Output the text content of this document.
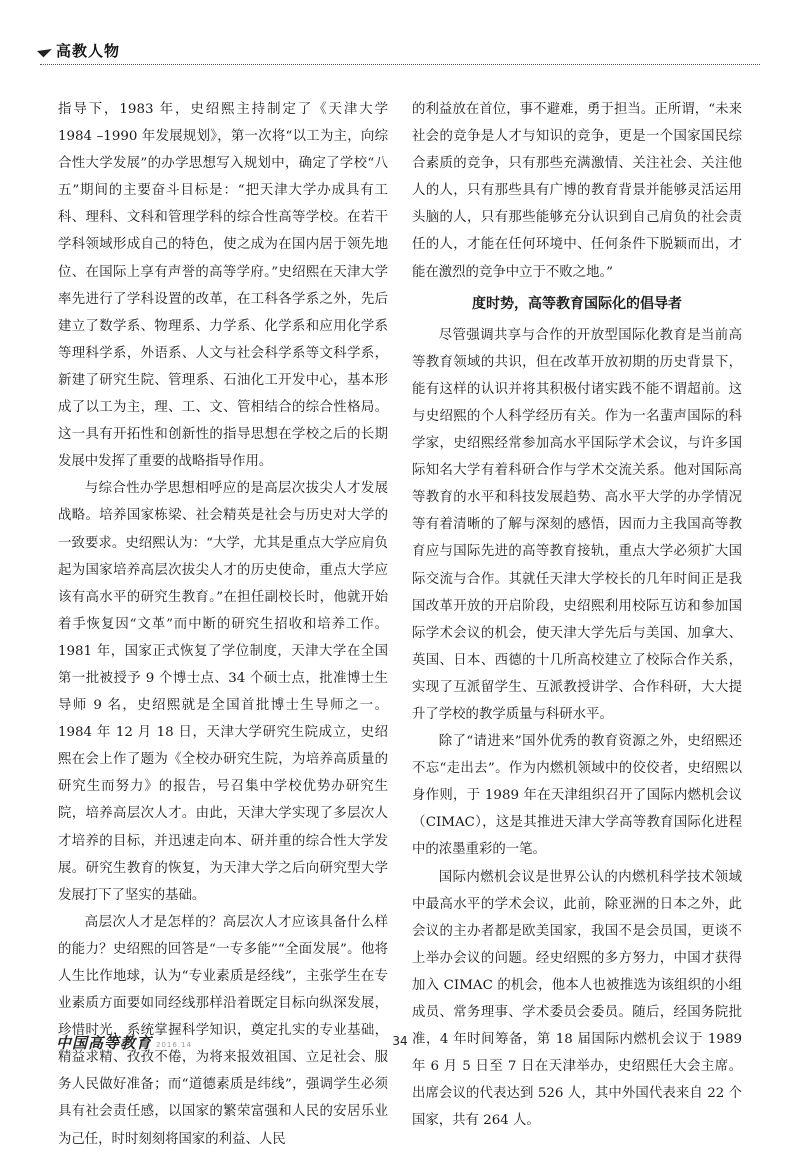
高教人物

指导下，1983 年，史绍熙主持制定了《天津大学 1984 –1990 年发展规划》，第一次将“以工为主，向综合性大学发展”的办学思想写入规划中，确定了学校“八五”期间的主要奋斗目标是：“把天津大学办成具有工科、理科、文科和管理学科的综合性高等学校。在若干学科领域形成自己的特色，使之成为在国内居于领先地位、在国际上享有声誉的高等学府。”史绍熙在天津大学率先进行了学科设置的改革，在工科各学系之外，先后建立了数学系、物理系、力学系、化学系和应用化学系等理科学系，外语系、人文与社会科学系等文科学系，新建了研究生院、管理系、石油化工开发中心，基本形成了以工为主，理、工、文、管相结合的综合性格局。这一具有开拓性和创新性的指导思想在学校之后的长期发展中发挥了重要的战略指导作用。

与综合性办学思想相呼应的是高层次拔尖人才发展战略。培养国家栋梁、社会精英是社会与历史对大学的一致要求。史绍熙认为：“大学，尤其是重点大学应肩负起为国家培养高层次拔尖人才的历史使命，重点大学应该有高水平的研究生教育。”在担任副校长时，他就开始着手恢复因“文革”而中断的研究生招收和培养工作。1981 年，国家正式恢复了学位制度，天津大学在全国第一批被授予 9 个博士点、34 个硕士点，批准博士生导师 9 名，史绍熙就是全国首批博士生导师之一。1984 年 12 月 18 日，天津大学研究生院成立，史绍熙在会上作了题为《全校办研究生院，为培养高质量的研究生而努力》的报告，号召集中学校优势办研究生院，培养高层次人才。由此，天津大学实现了多层次人才培养的目标，并迅速走向本、研并重的综合性大学发展。研究生教育的恢复，为天津大学之后向研究型大学发展打下了坚实的基础。

高层次人才是怎样的？高层次人才应该具备什么样的能力？史绍熙的回答是“一专多能”“全面发展”。他将人生比作地球，认为“专业素质是经线”，主张学生在专业素质方面要如同经线那样沿着既定目标向纵深发展，珍惜时光，系统掌握科学知识，奠定扎实的专业基础，精益求精、孜孜不倦，为将来报效祖国、立足社会、服务人民做好准备；而“道德素质是纬线”，强调学生必须具有社会责任感，以国家的繁荣富强和人民的安居乐业为己任，时时刻刻将国家的利益、人民

的利益放在首位，事不避难，勇于担当。正所谓，“未来社会的竞争是人才与知识的竞争，更是一个国家国民综合素质的竞争，只有那些充满激情、关注社会、关注他人的人，只有那些具有广博的教育背景并能够灵活运用头脑的人，只有那些能够充分认识到自己肩负的社会责任的人，才能在任何环境中、任何条件下脱颖而出，才能在激烈的竞争中立于不败之地。”

度时势，高等教育国际化的倡导者

尽管强调共享与合作的开放型国际化教育是当前高等教育领域的共识，但在改革开放初期的历史背景下，能有这样的认识并将其积极付诸实践不能不谓超前。这与史绍熙的个人科学经历有关。作为一名蜚声国际的科学家，史绍熙经常参加高水平国际学术会议，与许多国际知名大学有着科研合作与学术交流关系。他对国际高等教育的水平和科技发展趋势、高水平大学的办学情况等有着清晰的了解与深刻的感悟，因而力主我国高等教育应与国际先进的高等教育接轨，重点大学必须扩大国际交流与合作。其就任天津大学校长的几年时间正是我国改革开放的开启阶段，史绍熙利用校际互访和参加国际学术会议的机会，使天津大学先后与美国、加拿大、英国、日本、西德的十几所高校建立了校际合作关系，实现了互派留学生、互派教授讲学、合作科研，大大提升了学校的教学质量与科研水平。

除了“请进来”国外优秀的教育资源之外，史绍熙还不忘“走出去”。作为内燃机领域中的佼佼者，史绍熙以身作则，于 1989 年在天津组织召开了国际内燃机会议（CIMAC），这是其推进天津大学高等教育国际化进程中的浓墨重彩的一笔。

国际内燃机会议是世界公认的内燃机科学技术领域中最高水平的学术会议，此前，除亚洲的日本之外，此会议的主办者都是欧美国家，我国不是会员国，更谈不上举办会议的问题。经史绍熙的多方努力，中国才获得加入 CIMAC 的机会，他本人也被推选为该组织的小组成员、常务理事、学术委员会委员。随后，经国务院批准，4 年时间筹备，第 18 届国际内燃机会议于 1989 年 6 月 5 日至 7 日在天津举办，史绍熙任大会主席。出席会议的代表达到 526 人，其中外国代表来自 22 个国家，共有 264 人。

中国高等教育 2016.14	34
